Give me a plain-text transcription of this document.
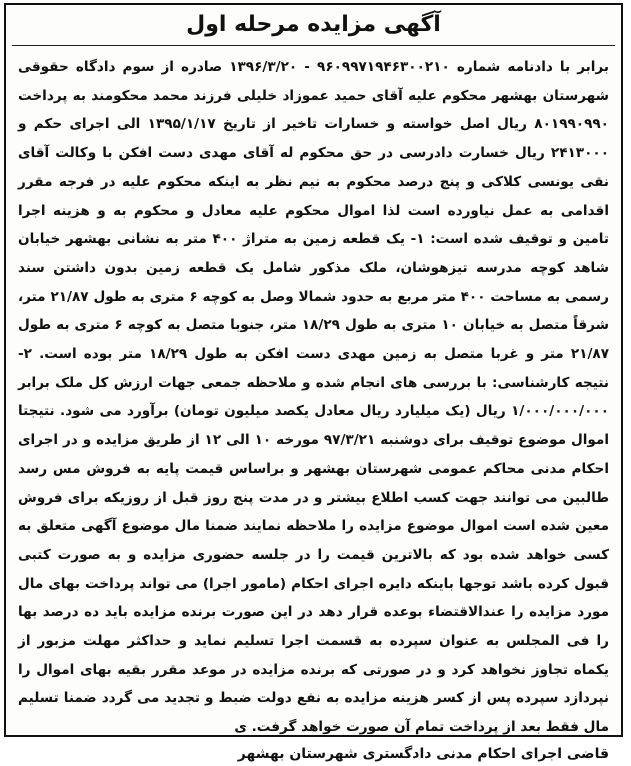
آگهی مزایده مرحله اول

برابر با دادنامه شماره ۹۶۰۹۹۷۱۹۴۶۳۰۰۲۱۰ - ۱۳۹۶/۳/۲۰ صادره از سوم دادگاه حقوقی شهرستان بهشهر محکوم علیه آقای حمید عموزاد خلیلی فرزند محمد محکومند به پرداخت ۸۰۱۹۹۰۹۹۰ ریال اصل خواسته و خسارات تاخیر از تاریخ ۱۳۹۵/۱/۱۷ الی اجرای حکم و ۲۴۱۳۰۰۰ ریال خسارت دادرسی در حق محکوم له آقای مهدی دست افکن با وکالت آقای نقی یونسی کلاکی و پنج درصد محکوم به نیم نظر به اینکه محکوم علیه در فرجه مقرر اقدامی به عمل نیاورده است لذا اموال محکوم علیه معادل و محکوم به و هزینه اجرا تامین و توقیف شده است: ۱- یک قطعه زمین به متراژ ۴۰۰ متر به نشانی بهشهر خیابان شاهد کوچه مدرسه تیزهوشان، ملک مذکور شامل یک قطعه زمین بدون داشتن سند رسمی به مساحت ۴۰۰ متر مربع به حدود شمالا وصل به کوچه ۶ متری به طول ۲۱/۸۷ متر، شرقاً متصل به خیابان ۱۰ متری به طول ۱۸/۲۹ متر، جنوبا متصل به کوچه ۶ متری به طول ۲۱/۸۷ متر و غربا متصل به زمین مهدی دست افکن به طول ۱۸/۲۹ متر بوده است. ۲- نتیجه کارشناسی: با بررسی های انجام شده و ملاحظه جمعی جهات ارزش کل ملک برابر ۱/۰۰۰/۰۰۰/۰۰۰ ریال (یک میلیارد ریال معادل یکصد میلیون تومان) برآورد می شود. نتیجتا اموال موضوع توقیف برای دوشنبه ۹۷/۳/۲۱ مورخه ۱۰ الی ۱۲ از طریق مزایده و در اجرای احکام مدنی محاکم عمومی شهرستان بهشهر و براساس قیمت پایه به فروش مس رسد طالبین می توانند جهت کسب اطلاع بیشتر و در مدت پنج روز قبل از روزیکه برای فروش معین شده است اموال موضوع مزایده را ملاحظه نمایند ضمنا مال موضوع آگهی متعلق به کسی خواهد شده بود که بالاترین قیمت را در جلسه حضوری مزایده و به صورت کتبی قبول کرده باشد توجها باینکه دایره اجرای احکام (مامور اجرا) می تواند پرداخت بهای مال مورد مزایده را عندالاقتضاء بوعده قرار دهد در این صورت برنده مزایده باید ده درصد بها را فی المجلس به عنوان سپرده به قسمت اجرا تسلیم نماید و حداکثر مهلت مزبور از یکماه تجاوز نخواهد کرد و در صورتی که برنده مزایده در موعد مقرر بقیه بهای اموال را نپردازد سپرده پس از کسر هزینه مزایده به نفع دولت ضبط و تجدید می گردد ضمنا تسلیم مال فقط بعد از پرداخت تمام آن صورت خواهد گرفت. ی

قاضی اجرای احکام مدنی دادگستری شهرستان بهشهر
